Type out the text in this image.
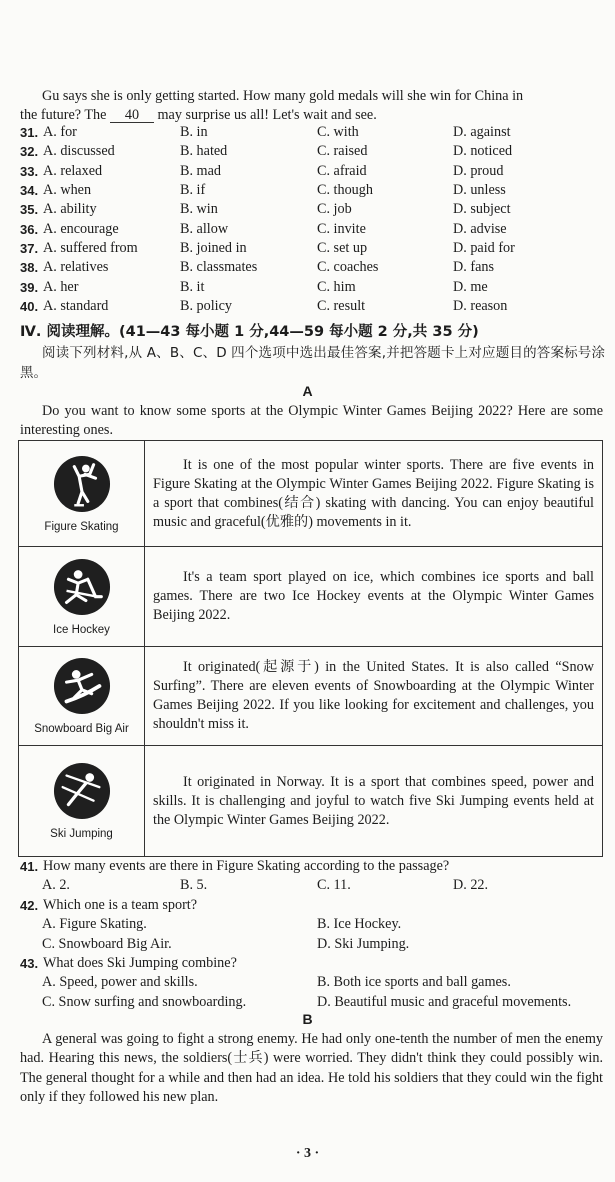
Gu says she is only getting started. How many gold medals will she win for China in
the future? The 40 may surprise us all! Let's wait and see.
31. A. for	B. in	C. with	D. against
32. A. discussed	B. hated	C. raised	D. noticed
33. A. relaxed	B. mad	C. afraid	D. proud
34. A. when	B. if	C. though	D. unless
35. A. ability	B. win	C. job	D. subject
36. A. encourage	B. allow	C. invite	D. advise
37. A. suffered from	B. joined in	C. set up	D. paid for
38. A. relatives	B. classmates	C. coaches	D. fans
39. A. her	B. it	C. him	D. me
40. A. standard	B. policy	C. result	D. reason
Ⅳ. 阅读理解。(41—43 每小题 1 分,44—59 每小题 2 分,共 35 分)
阅读下列材料,从 A、B、C、D 四个选项中选出最佳答案,并把答题卡上对应题目的答案标号涂黑。
A
Do you want to know some sports at the Olympic Winter Games Beijing 2022? Here are some interesting ones.
Figure Skating
It is one of the most popular winter sports. There are five events in Figure Skating at the Olympic Winter Games Beijing 2022. Figure Skating is a sport that combines(结合) skating with dancing. You can enjoy beautiful music and graceful(优雅的) movements in it.
Ice Hockey
It's a team sport played on ice, which combines ice sports and ball games. There are two Ice Hockey events at the Olympic Winter Games Beijing 2022.
Snowboard Big Air
It originated(起源于) in the United States. It is also called “Snow Surfing”. There are eleven events of Snowboarding at the Olympic Winter Games Beijing 2022. If you like looking for excitement and challenges, you shouldn't miss it.
Ski Jumping
It originated in Norway. It is a sport that combines speed, power and skills. It is challenging and joyful to watch five Ski Jumping events held at the Olympic Winter Games Beijing 2022.
41. How many events are there in Figure Skating according to the passage?
A. 2.	B. 5.	C. 11.	D. 22.
42. Which one is a team sport?
A. Figure Skating.	B. Ice Hockey.
C. Snowboard Big Air.	D. Ski Jumping.
43. What does Ski Jumping combine?
A. Speed, power and skills.	B. Both ice sports and ball games.
C. Snow surfing and snowboarding.	D. Beautiful music and graceful movements.
B
A general was going to fight a strong enemy. He had only one-tenth the number of men the enemy had. Hearing this news, the soldiers(士兵) were worried. They didn't think they could possibly win. The general thought for a while and then had an idea. He told his soldiers that they could win the fight only if they followed his new plan.
· 3 ·
